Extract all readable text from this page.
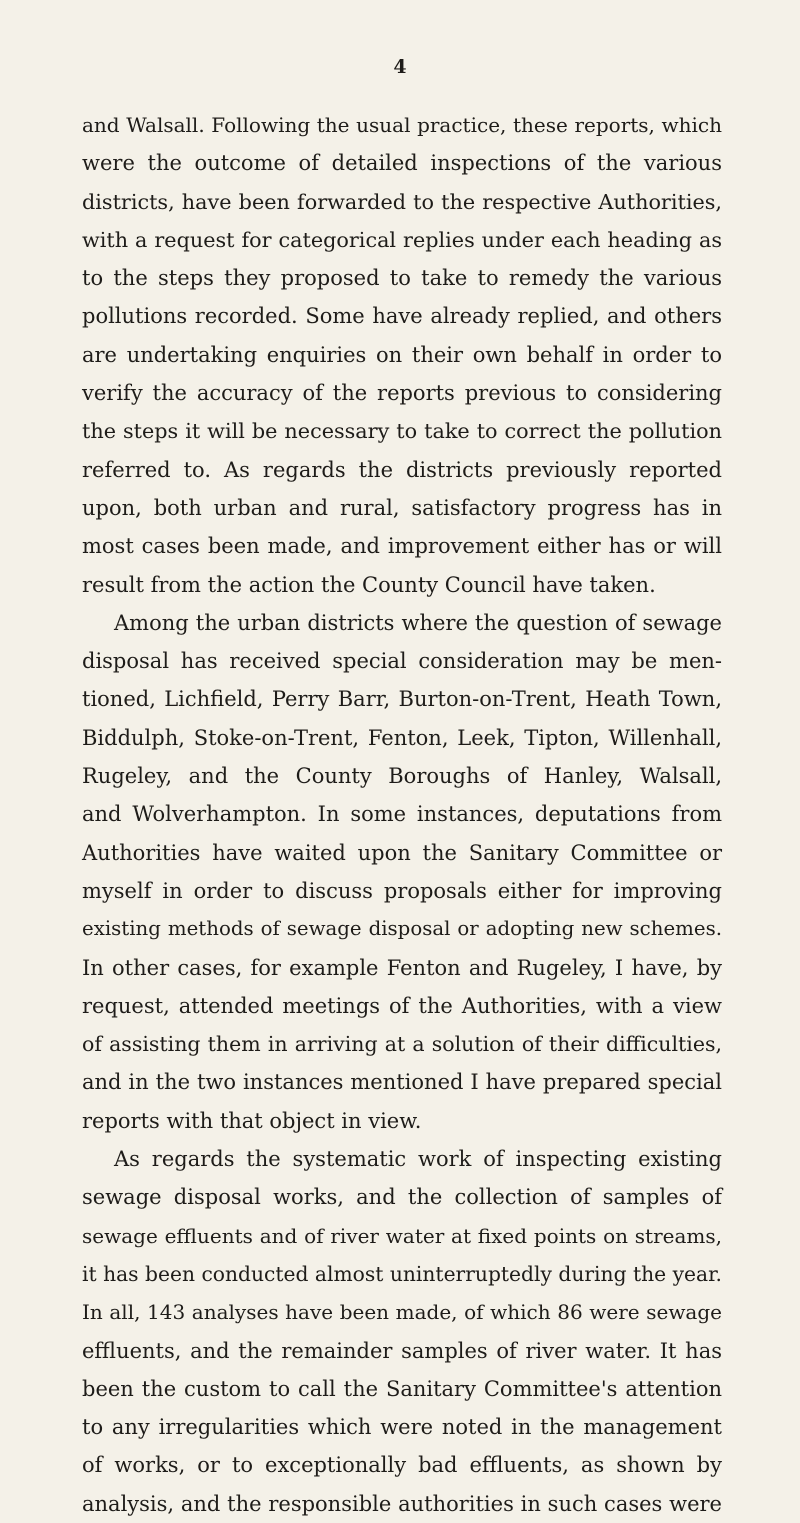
4

and Walsall. Following the usual practice, these reports, which
were the outcome of detailed inspections of the various
districts, have been forwarded to the respective Authorities,
with a request for categorical replies under each heading as
to the steps they proposed to take to remedy the various
pollutions recorded. Some have already replied, and others
are undertaking enquiries on their own behalf in order to
verify the accuracy of the reports previous to considering
the steps it will be necessary to take to correct the pollution
referred to. As regards the districts previously reported
upon, both urban and rural, satisfactory progress has in
most cases been made, and improvement either has or will
result from the action the County Council have taken.

Among the urban districts where the question of sewage
disposal has received special consideration may be men-
tioned, Lichfield, Perry Barr, Burton-on-Trent, Heath Town,
Biddulph, Stoke-on-Trent, Fenton, Leek, Tipton, Willenhall,
Rugeley, and the County Boroughs of Hanley, Walsall,
and Wolverhampton. In some instances, deputations from
Authorities have waited upon the Sanitary Committee or
myself in order to discuss proposals either for improving
existing methods of sewage disposal or adopting new schemes.
In other cases, for example Fenton and Rugeley, I have, by
request, attended meetings of the Authorities, with a view
of assisting them in arriving at a solution of their difficulties,
and in the two instances mentioned I have prepared special
reports with that object in view.

As regards the systematic work of inspecting existing
sewage disposal works, and the collection of samples of
sewage effluents and of river water at fixed points on streams,
it has been conducted almost uninterruptedly during the year.
In all, 143 analyses have been made, of which 86 were sewage
effluents, and the remainder samples of river water. It has
been the custom to call the Sanitary Committee's attention
to any irregularities which were noted in the management
of works, or to exceptionally bad effluents, as shown by
analysis, and the responsible authorities in such cases were
